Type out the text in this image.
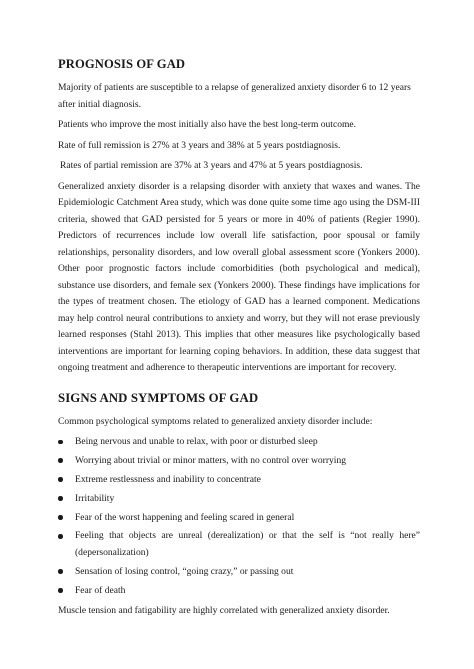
PROGNOSIS OF GAD

Majority of patients are susceptible to a relapse of generalized anxiety disorder 6 to 12 years after initial diagnosis.

Patients who improve the most initially also have the best long-term outcome.

Rate of full remission is 27% at 3 years and 38% at 5 years postdiagnosis.

Rates of partial remission are 37% at 3 years and 47% at 5 years postdiagnosis.

Generalized anxiety disorder is a relapsing disorder with anxiety that waxes and wanes. The Epidemiologic Catchment Area study, which was done quite some time ago using the DSM-III criteria, showed that GAD persisted for 5 years or more in 40% of patients (Regier 1990). Predictors of recurrences include low overall life satisfaction, poor spousal or family relationships, personality disorders, and low overall global assessment score (Yonkers 2000). Other poor prognostic factors include comorbidities (both psychological and medical), substance use disorders, and female sex (Yonkers 2000). These findings have implications for the types of treatment chosen. The etiology of GAD has a learned component. Medications may help control neural contributions to anxiety and worry, but they will not erase previously learned responses (Stahl 2013). This implies that other measures like psychologically based interventions are important for learning coping behaviors. In addition, these data suggest that ongoing treatment and adherence to therapeutic interventions are important for recovery.

SIGNS AND SYMPTOMS OF GAD

Common psychological symptoms related to generalized anxiety disorder include:

Being nervous and unable to relax, with poor or disturbed sleep
Worrying about trivial or minor matters, with no control over worrying
Extreme restlessness and inability to concentrate
Irritability
Fear of the worst happening and feeling scared in general
Feeling that objects are unreal (derealization) or that the self is “not really here” (depersonalization)
Sensation of losing control, “going crazy,” or passing out
Fear of death

Muscle tension and fatigability are highly correlated with generalized anxiety disorder.
